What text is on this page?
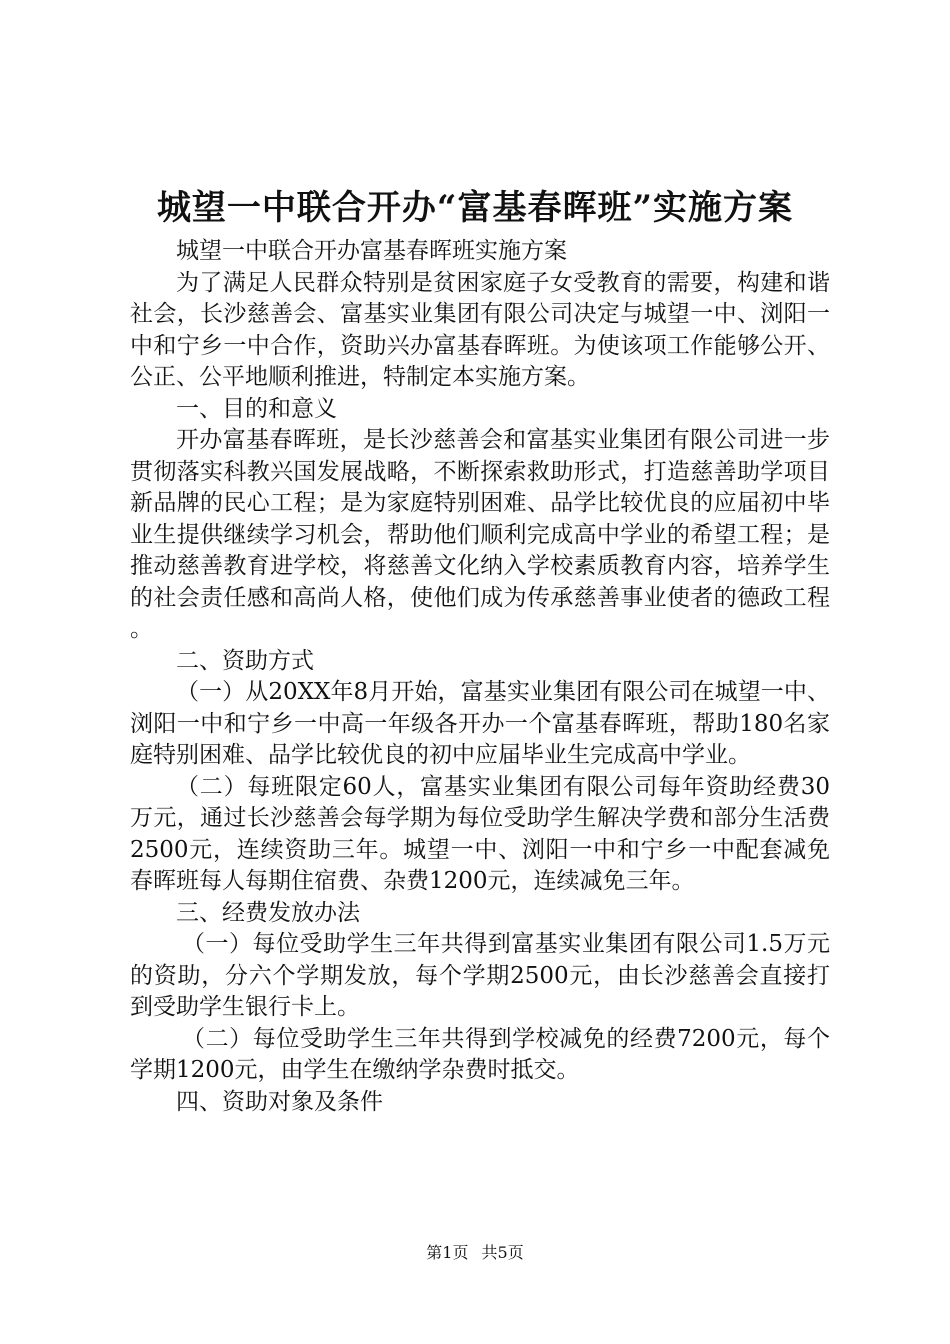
城望一中联合开办“富基春晖班”实施方案

城望一中联合开办富基春晖班实施方案

为了满足人民群众特别是贫困家庭子女受教育的需要，构建和谐社会，长沙慈善会、富基实业集团有限公司决定与城望一中、浏阳一中和宁乡一中合作，资助兴办富基春晖班。为使该项工作能够公开、公正、公平地顺利推进，特制定本实施方案。

一、目的和意义

开办富基春晖班，是长沙慈善会和富基实业集团有限公司进一步贯彻落实科教兴国发展战略，不断探索救助形式，打造慈善助学项目新品牌的民心工程；是为家庭特别困难、品学比较优良的应届初中毕业生提供继续学习机会，帮助他们顺利完成高中学业的希望工程；是推动慈善教育进学校，将慈善文化纳入学校素质教育内容，培养学生的社会责任感和高尚人格，使他们成为传承慈善事业使者的德政工程。

二、资助方式

（一）从20XX年8月开始，富基实业集团有限公司在城望一中、浏阳一中和宁乡一中高一年级各开办一个富基春晖班，帮助180名家庭特别困难、品学比较优良的初中应届毕业生完成高中学业。

（二）每班限定60人，富基实业集团有限公司每年资助经费30万元，通过长沙慈善会每学期为每位受助学生解决学费和部分生活费2500元，连续资助三年。城望一中、浏阳一中和宁乡一中配套减免春晖班每人每期住宿费、杂费1200元，连续减免三年。

三、经费发放办法

（一）每位受助学生三年共得到富基实业集团有限公司1.5万元的资助，分六个学期发放，每个学期2500元，由长沙慈善会直接打到受助学生银行卡上。

（二）每位受助学生三年共得到学校减免的经费7200元，每个学期1200元，由学生在缴纳学杂费时抵交。

四、资助对象及条件

第1页 共5页
